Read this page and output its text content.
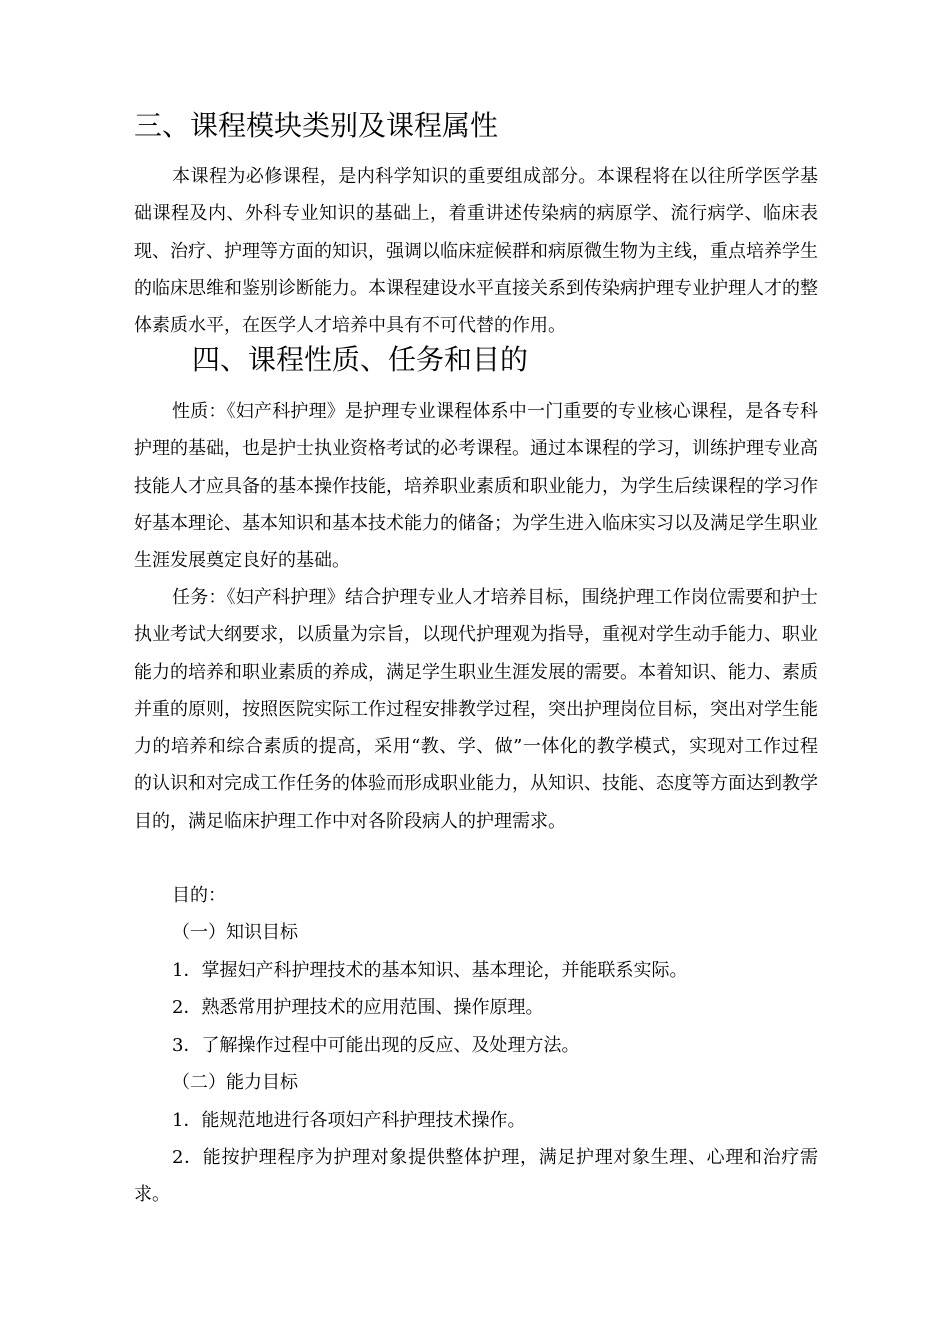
三、课程模块类别及课程属性

本课程为必修课程，是内科学知识的重要组成部分。本课程将在以往所学医学基础课程及内、外科专业知识的基础上，着重讲述传染病的病原学、流行病学、临床表现、治疗、护理等方面的知识，强调以临床症候群和病原微生物为主线，重点培养学生的临床思维和鉴别诊断能力。本课程建设水平直接关系到传染病护理专业护理人才的整体素质水平，在医学人才培养中具有不可代替的作用。

四、课程性质、任务和目的

性质：《妇产科护理》是护理专业课程体系中一门重要的专业核心课程，是各专科护理的基础，也是护士执业资格考试的必考课程。通过本课程的学习，训练护理专业高技能人才应具备的基本操作技能，培养职业素质和职业能力，为学生后续课程的学习作好基本理论、基本知识和基本技术能力的储备；为学生进入临床实习以及满足学生职业生涯发展奠定良好的基础。

任务：《妇产科护理》结合护理专业人才培养目标，围绕护理工作岗位需要和护士执业考试大纲要求，以质量为宗旨，以现代护理观为指导，重视对学生动手能力、职业能力的培养和职业素质的养成，满足学生职业生涯发展的需要。本着知识、能力、素质并重的原则，按照医院实际工作过程安排教学过程，突出护理岗位目标，突出对学生能力的培养和综合素质的提高，采用“教、学、做”一体化的教学模式，实现对工作过程的认识和对完成工作任务的体验而形成职业能力，从知识、技能、态度等方面达到教学目的，满足临床护理工作中对各阶段病人的护理需求。

目的：

（一）知识目标

1．掌握妇产科护理技术的基本知识、基本理论，并能联系实际。

2．熟悉常用护理技术的应用范围、操作原理。

3．了解操作过程中可能出现的反应、及处理方法。

（二）能力目标

1．能规范地进行各项妇产科护理技术操作。

2．能按护理程序为护理对象提供整体护理，满足护理对象生理、心理和治疗需求。
